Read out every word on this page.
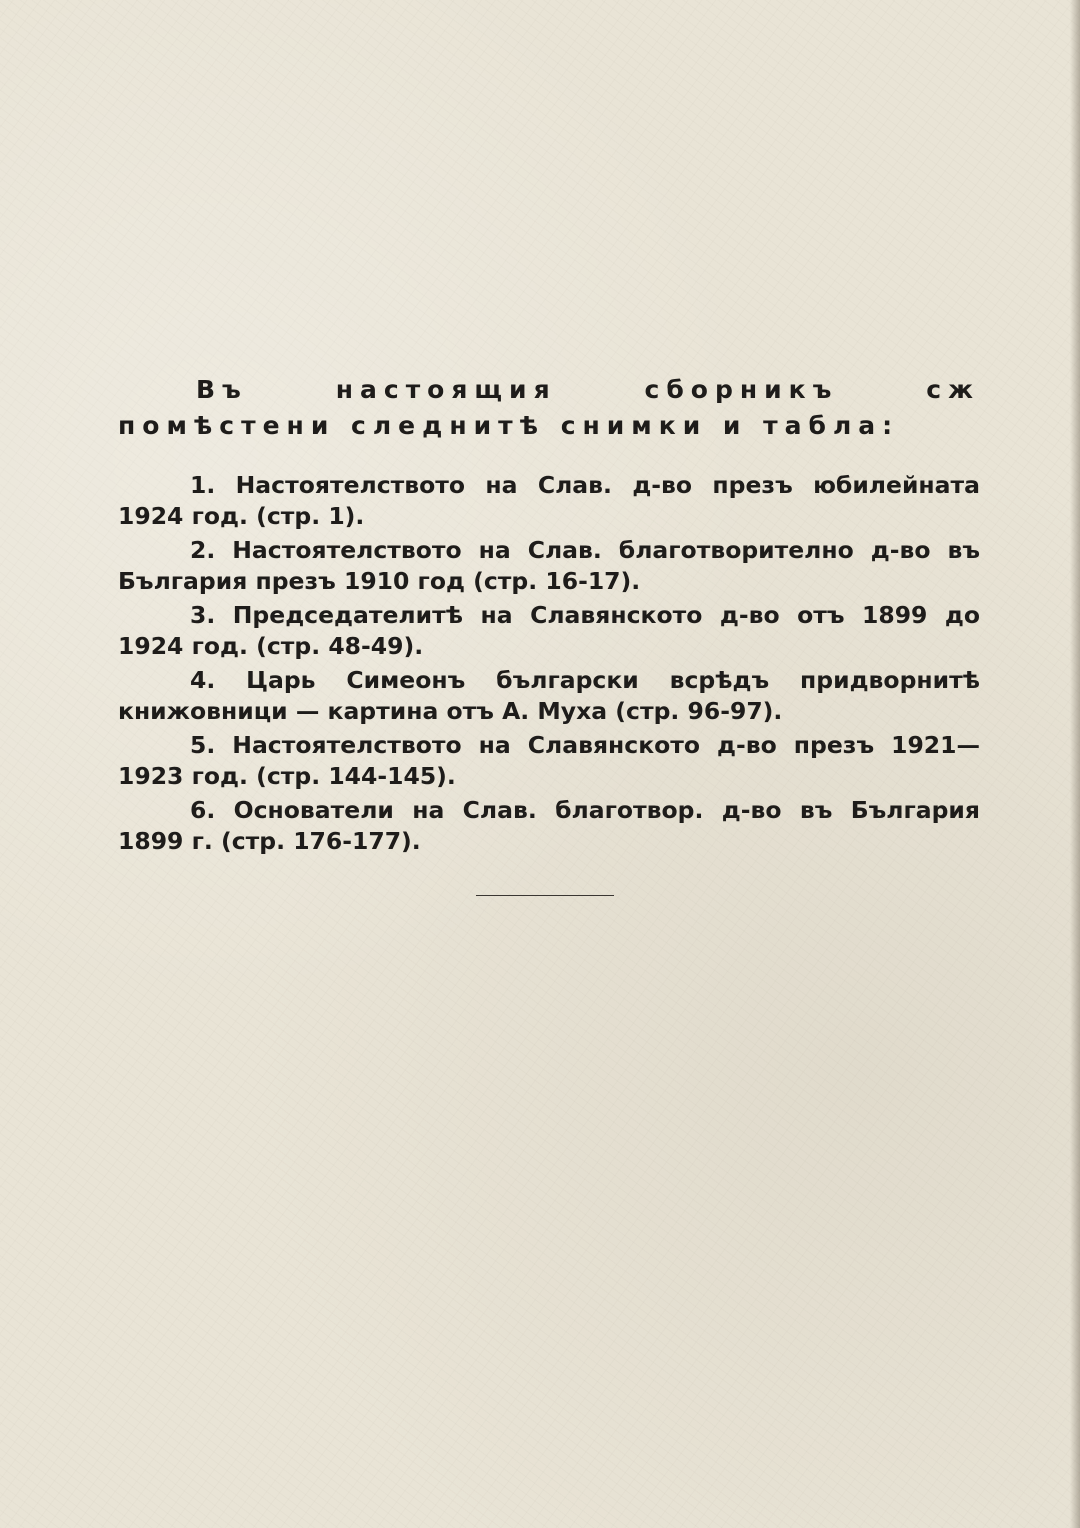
Въ настоящия сборникъ сж помѣстени следнитѣ снимки и табла:

1. Настоятелството на Слав. д-во презъ юбилейната 1924 год. (стр. 1).
2. Настоятелството на Слав. благотворително д-во въ България презъ 1910 год (стр. 16-17).
3. Председателитѣ на Славянското д-во отъ 1899 до 1924 год. (стр. 48-49).
4. Царь Симеонъ български всрѣдъ придворнитѣ книжовници — картина отъ А. Муха (стр. 96-97).
5. Настоятелството на Славянското д-во презъ 1921—1923 год. (стр. 144-145).
6. Основатели на Слав. благотвор. д-во въ България 1899 г. (стр. 176-177).
